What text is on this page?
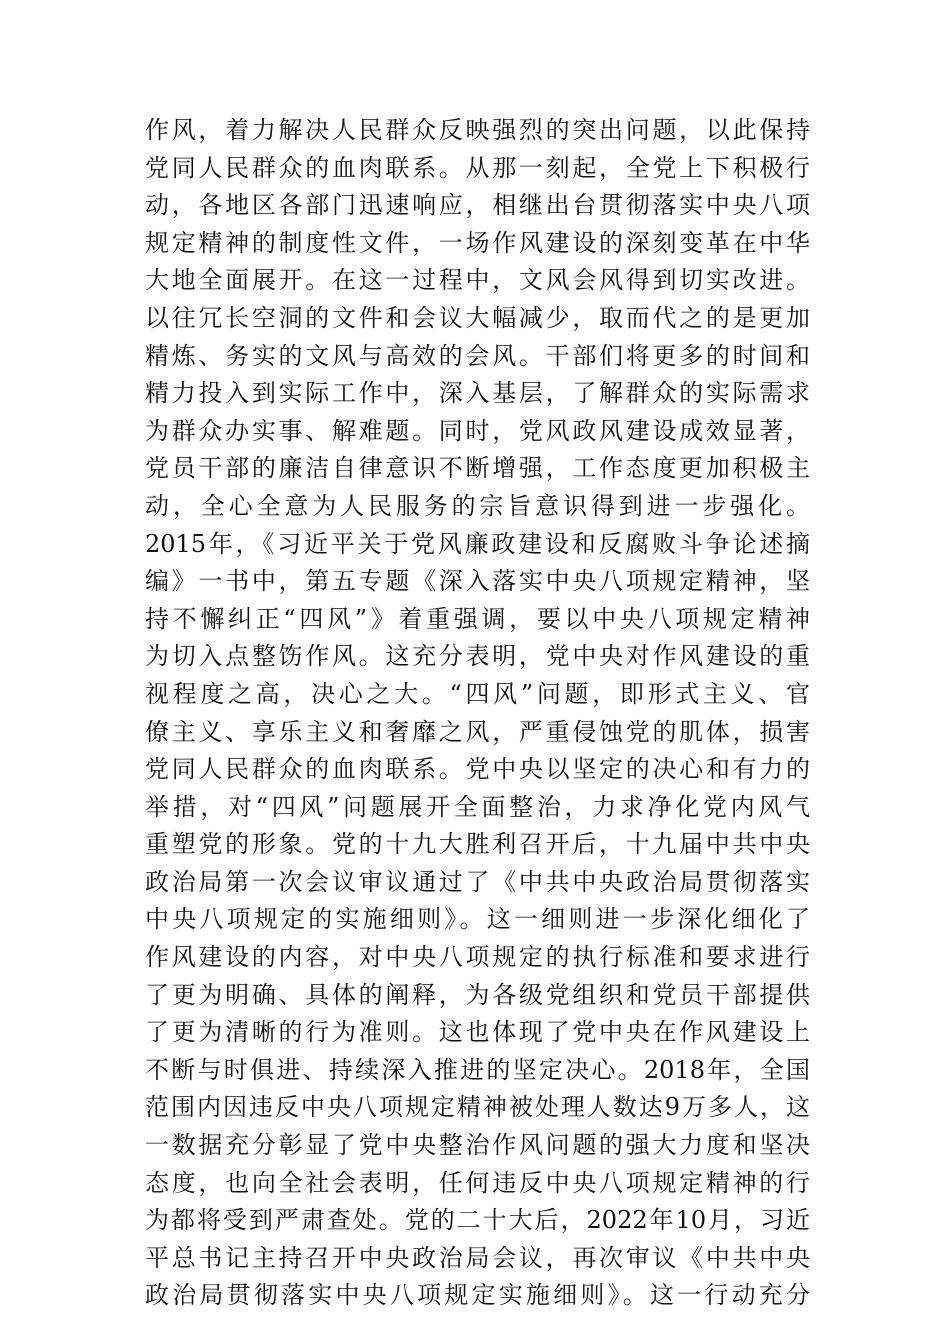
作风，着力解决人民群众反映强烈的突出问题，以此保持
党同人民群众的血肉联系。从那一刻起，全党上下积极行
动，各地区各部门迅速响应，相继出台贯彻落实中央八项
规定精神的制度性文件，一场作风建设的深刻变革在中华
大地全面展开。在这一过程中，文风会风得到切实改进。
以往冗长空洞的文件和会议大幅减少，取而代之的是更加
精炼、务实的文风与高效的会风。干部们将更多的时间和
精力投入到实际工作中，深入基层，了解群众的实际需求
为群众办实事、解难题。同时，党风政风建设成效显著，
党员干部的廉洁自律意识不断增强，工作态度更加积极主
动，全心全意为人民服务的宗旨意识得到进一步强化。
2015年，《习近平关于党风廉政建设和反腐败斗争论述摘
编》一书中，第五专题《深入落实中央八项规定精神，坚
持不懈纠正“四风”》着重强调，要以中央八项规定精神
为切入点整饬作风。这充分表明，党中央对作风建设的重
视程度之高，决心之大。“四风”问题，即形式主义、官
僚主义、享乐主义和奢靡之风，严重侵蚀党的肌体，损害
党同人民群众的血肉联系。党中央以坚定的决心和有力的
举措，对“四风”问题展开全面整治，力求净化党内风气
重塑党的形象。党的十九大胜利召开后，十九届中共中央
政治局第一次会议审议通过了《中共中央政治局贯彻落实
中央八项规定的实施细则》。这一细则进一步深化细化了
作风建设的内容，对中央八项规定的执行标准和要求进行
了更为明确、具体的阐释，为各级党组织和党员干部提供
了更为清晰的行为准则。这也体现了党中央在作风建设上
不断与时俱进、持续深入推进的坚定决心。2018年，全国
范围内因违反中央八项规定精神被处理人数达9万多人，这
一数据充分彰显了党中央整治作风问题的强大力度和坚决
态度，也向全社会表明，任何违反中央八项规定精神的行
为都将受到严肃查处。党的二十大后，2022年10月，习近
平总书记主持召开中央政治局会议，再次审议《中共中央
政治局贯彻落实中央八项规定实施细则》。这一行动充分
